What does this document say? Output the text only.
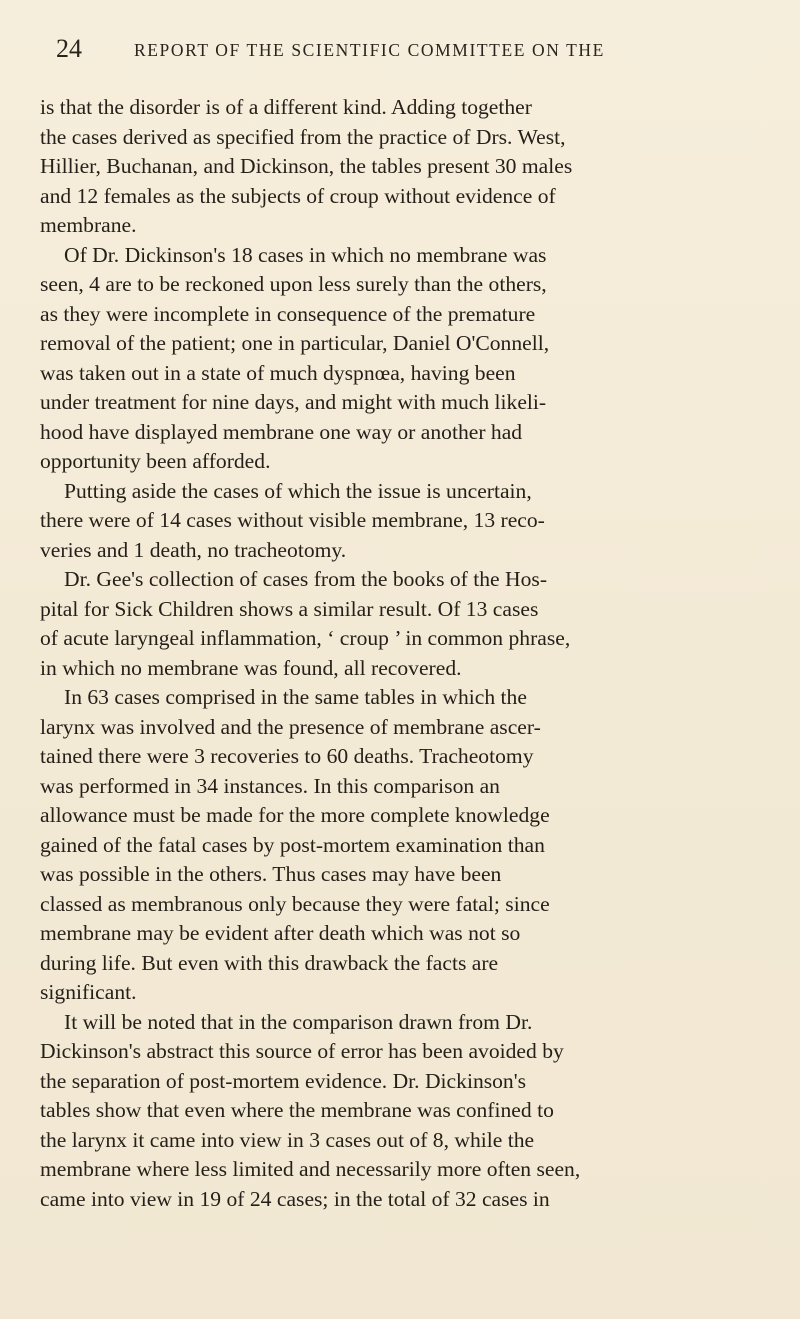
24	REPORT OF THE SCIENTIFIC COMMITTEE ON THE
is that the disorder is of a different kind. Adding together
the cases derived as specified from the practice of Drs. West,
Hillier, Buchanan, and Dickinson, the tables present 30 males
and 12 females as the subjects of croup without evidence of
membrane.
Of Dr. Dickinson's 18 cases in which no membrane was
seen, 4 are to be reckoned upon less surely than the others,
as they were incomplete in consequence of the premature
removal of the patient; one in particular, Daniel O'Connell,
was taken out in a state of much dyspnœa, having been
under treatment for nine days, and might with much likeli-
hood have displayed membrane one way or another had
opportunity been afforded.
Putting aside the cases of which the issue is uncertain,
there were of 14 cases without visible membrane, 13 reco-
veries and 1 death, no tracheotomy.
Dr. Gee's collection of cases from the books of the Hos-
pital for Sick Children shows a similar result. Of 13 cases
of acute laryngeal inflammation, ‘ croup ’ in common phrase,
in which no membrane was found, all recovered.
In 63 cases comprised in the same tables in which the
larynx was involved and the presence of membrane ascer-
tained there were 3 recoveries to 60 deaths. Tracheotomy
was performed in 34 instances. In this comparison an
allowance must be made for the more complete knowledge
gained of the fatal cases by post-mortem examination than
was possible in the others. Thus cases may have been
classed as membranous only because they were fatal; since
membrane may be evident after death which was not so
during life. But even with this drawback the facts are
significant.
It will be noted that in the comparison drawn from Dr.
Dickinson's abstract this source of error has been avoided by
the separation of post-mortem evidence. Dr. Dickinson's
tables show that even where the membrane was confined to
the larynx it came into view in 3 cases out of 8, while the
membrane where less limited and necessarily more often seen,
came into view in 19 of 24 cases; in the total of 32 cases in
